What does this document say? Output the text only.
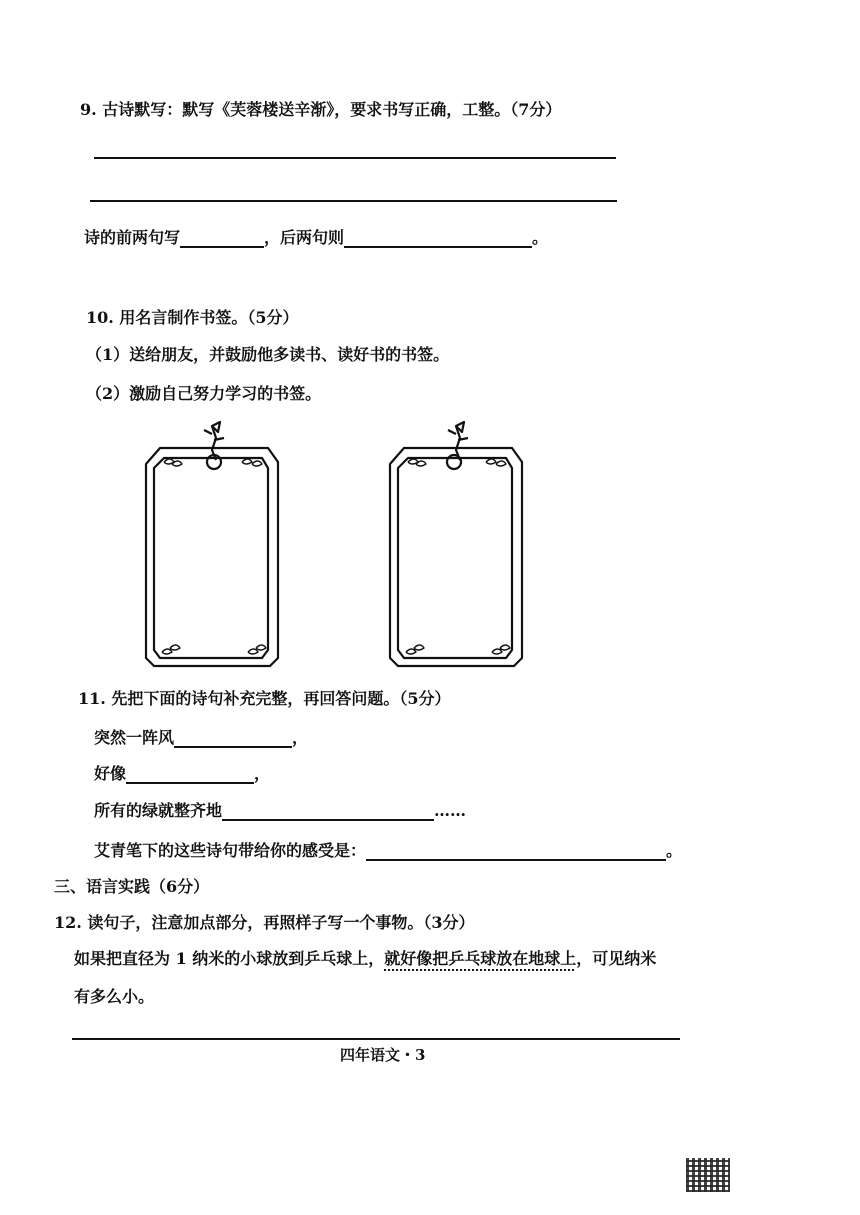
9. 古诗默写：默写《芙蓉楼送辛渐》，要求书写正确，工整。（7分）
诗的前两句写	，后两句则	。
10. 用名言制作书签。（5分）
（1）送给朋友，并鼓励他多读书、读好书的书签。
（2）激励自己努力学习的书签。
11. 先把下面的诗句补充完整，再回答问题。（5分）
突然一阵风	，
好像	，
所有的绿就整齐地	……
艾青笔下的这些诗句带给你的感受是：	。
三、语言实践（6分）
12. 读句子，注意加点部分，再照样子写一个事物。（3分）
如果把直径为 1 纳米的小球放到乒乓球上，就好像把乒乓球放在地球上，可见纳米
有多么小。
四年语文・3
